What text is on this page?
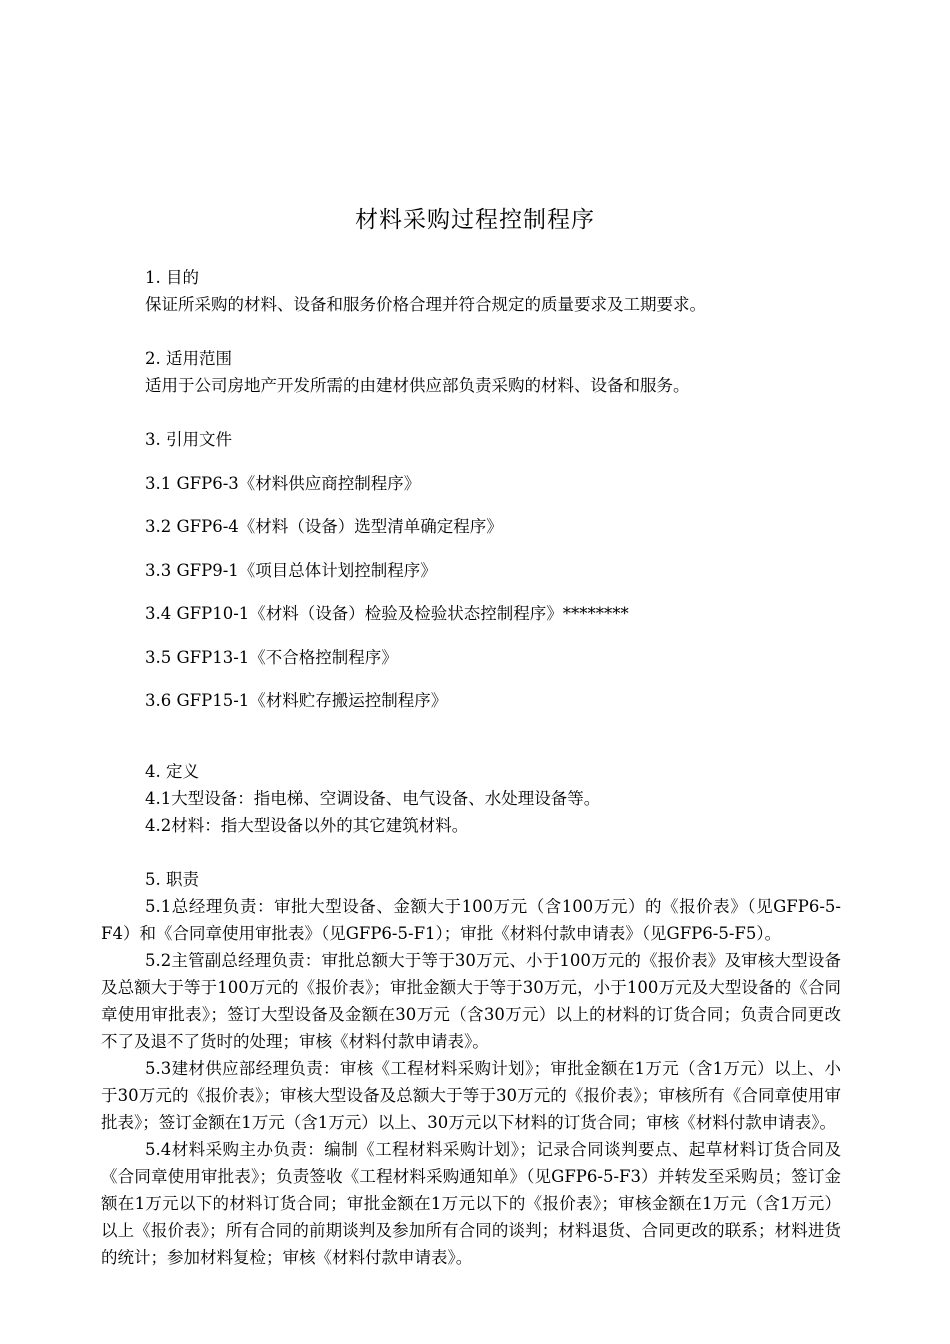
材料采购过程控制程序

1. 目的

保证所采购的材料、设备和服务价格合理并符合规定的质量要求及工期要求。

2. 适用范围

适用于公司房地产开发所需的由建材供应部负责采购的材料、设备和服务。

3. 引用文件

3.1 GFP6-3《材料供应商控制程序》

3.2 GFP6-4《材料（设备）选型清单确定程序》

3.3 GFP9-1《项目总体计划控制程序》

3.4 GFP10-1《材料（设备）检验及检验状态控制程序》********

3.5 GFP13-1《不合格控制程序》

3.6 GFP15-1《材料贮存搬运控制程序》

4. 定义

4.1大型设备：指电梯、空调设备、电气设备、水处理设备等。

4.2材料：指大型设备以外的其它建筑材料。

5. 职责

5.1总经理负责：审批大型设备、金额大于100万元（含100万元）的《报价表》（见GFP6-5-F4）和《合同章使用审批表》（见GFP6-5-F1）；审批《材料付款申请表》（见GFP6-5-F5）。

5.2主管副总经理负责：审批总额大于等于30万元、小于100万元的《报价表》及审核大型设备及总额大于等于100万元的《报价表》；审批金额大于等于30万元，小于100万元及大型设备的《合同章使用审批表》；签订大型设备及金额在30万元（含30万元）以上的材料的订货合同；负责合同更改不了及退不了货时的处理；审核《材料付款申请表》。

5.3建材供应部经理负责：审核《工程材料采购计划》；审批金额在1万元（含1万元）以上、小于30万元的《报价表》；审核大型设备及总额大于等于30万元的《报价表》；审核所有《合同章使用审批表》；签订金额在1万元（含1万元）以上、30万元以下材料的订货合同；审核《材料付款申请表》。

5.4材料采购主办负责：编制《工程材料采购计划》；记录合同谈判要点、起草材料订货合同及《合同章使用审批表》；负责签收《工程材料采购通知单》（见GFP6-5-F3）并转发至采购员；签订金额在1万元以下的材料订货合同；审批金额在1万元以下的《报价表》；审核金额在1万元（含1万元）以上《报价表》；所有合同的前期谈判及参加所有合同的谈判；材料退货、合同更改的联系；材料进货的统计；参加材料复检；审核《材料付款申请表》。
